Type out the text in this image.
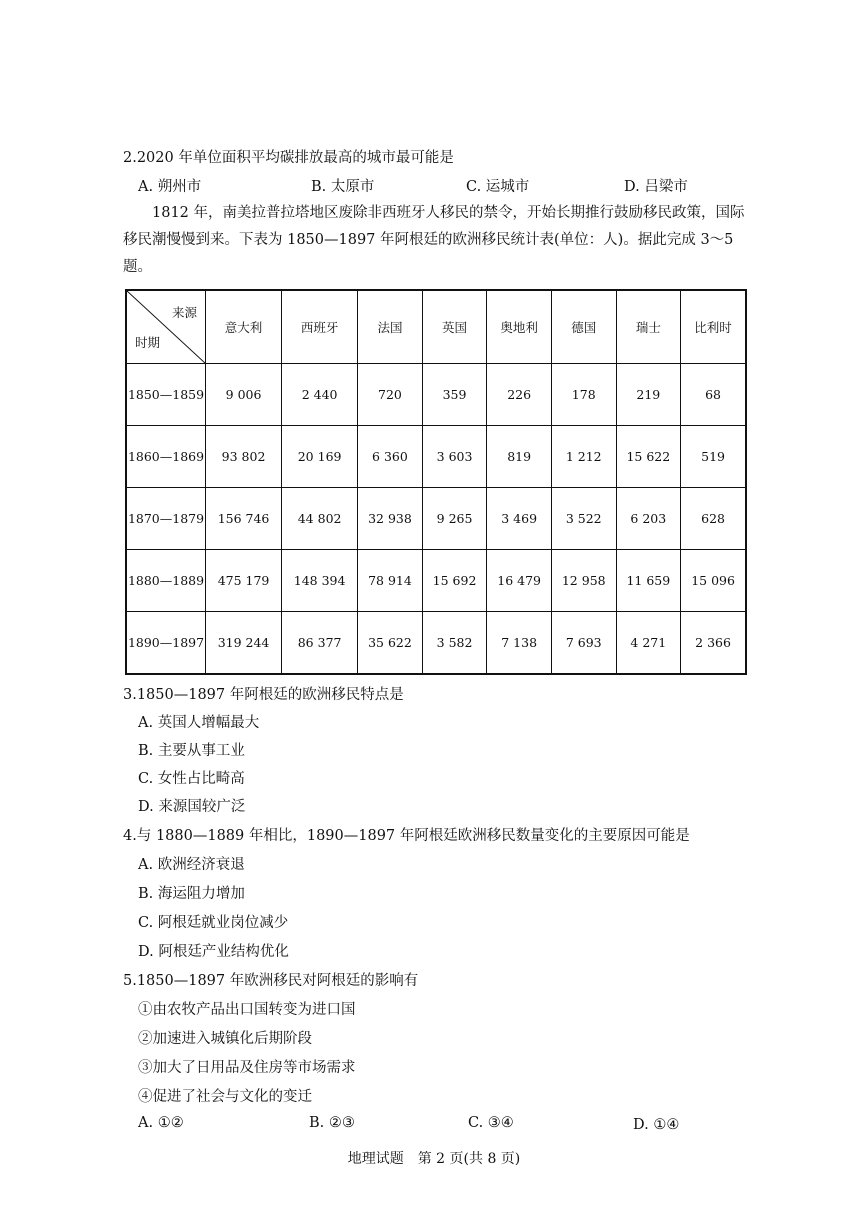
2.2020 年单位面积平均碳排放最高的城市最可能是
A. 朔州市	B. 太原市	C. 运城市	D. 吕梁市
1812 年，南美拉普拉塔地区废除非西班牙人移民的禁令，开始长期推行鼓励移民政策，国际移民潮慢慢到来。下表为 1850—1897 年阿根廷的欧洲移民统计表(单位：人)。据此完成 3～5 题。
来源
时期	意大利	西班牙	法国	英国	奥地利	德国	瑞士	比利时
1850—1859	9 006	2 440	720	359	226	178	219	68
1860—1869	93 802	20 169	6 360	3 603	819	1 212	15 622	519
1870—1879	156 746	44 802	32 938	9 265	3 469	3 522	6 203	628
1880—1889	475 179	148 394	78 914	15 692	16 479	12 958	11 659	15 096
1890—1897	319 244	86 377	35 622	3 582	7 138	7 693	4 271	2 366
3.1850—1897 年阿根廷的欧洲移民特点是
A. 英国人增幅最大
B. 主要从事工业
C. 女性占比畸高
D. 来源国较广泛
4.与 1880—1889 年相比，1890—1897 年阿根廷欧洲移民数量变化的主要原因可能是
A. 欧洲经济衰退
B. 海运阻力增加
C. 阿根廷就业岗位减少
D. 阿根廷产业结构优化
5.1850—1897 年欧洲移民对阿根廷的影响有
①由农牧产品出口国转变为进口国
②加速进入城镇化后期阶段
③加大了日用品及住房等市场需求
④促进了社会与文化的变迁
A. ①②	B. ②③	C. ③④	D. ①④
地理试题　第 2 页(共 8 页)
